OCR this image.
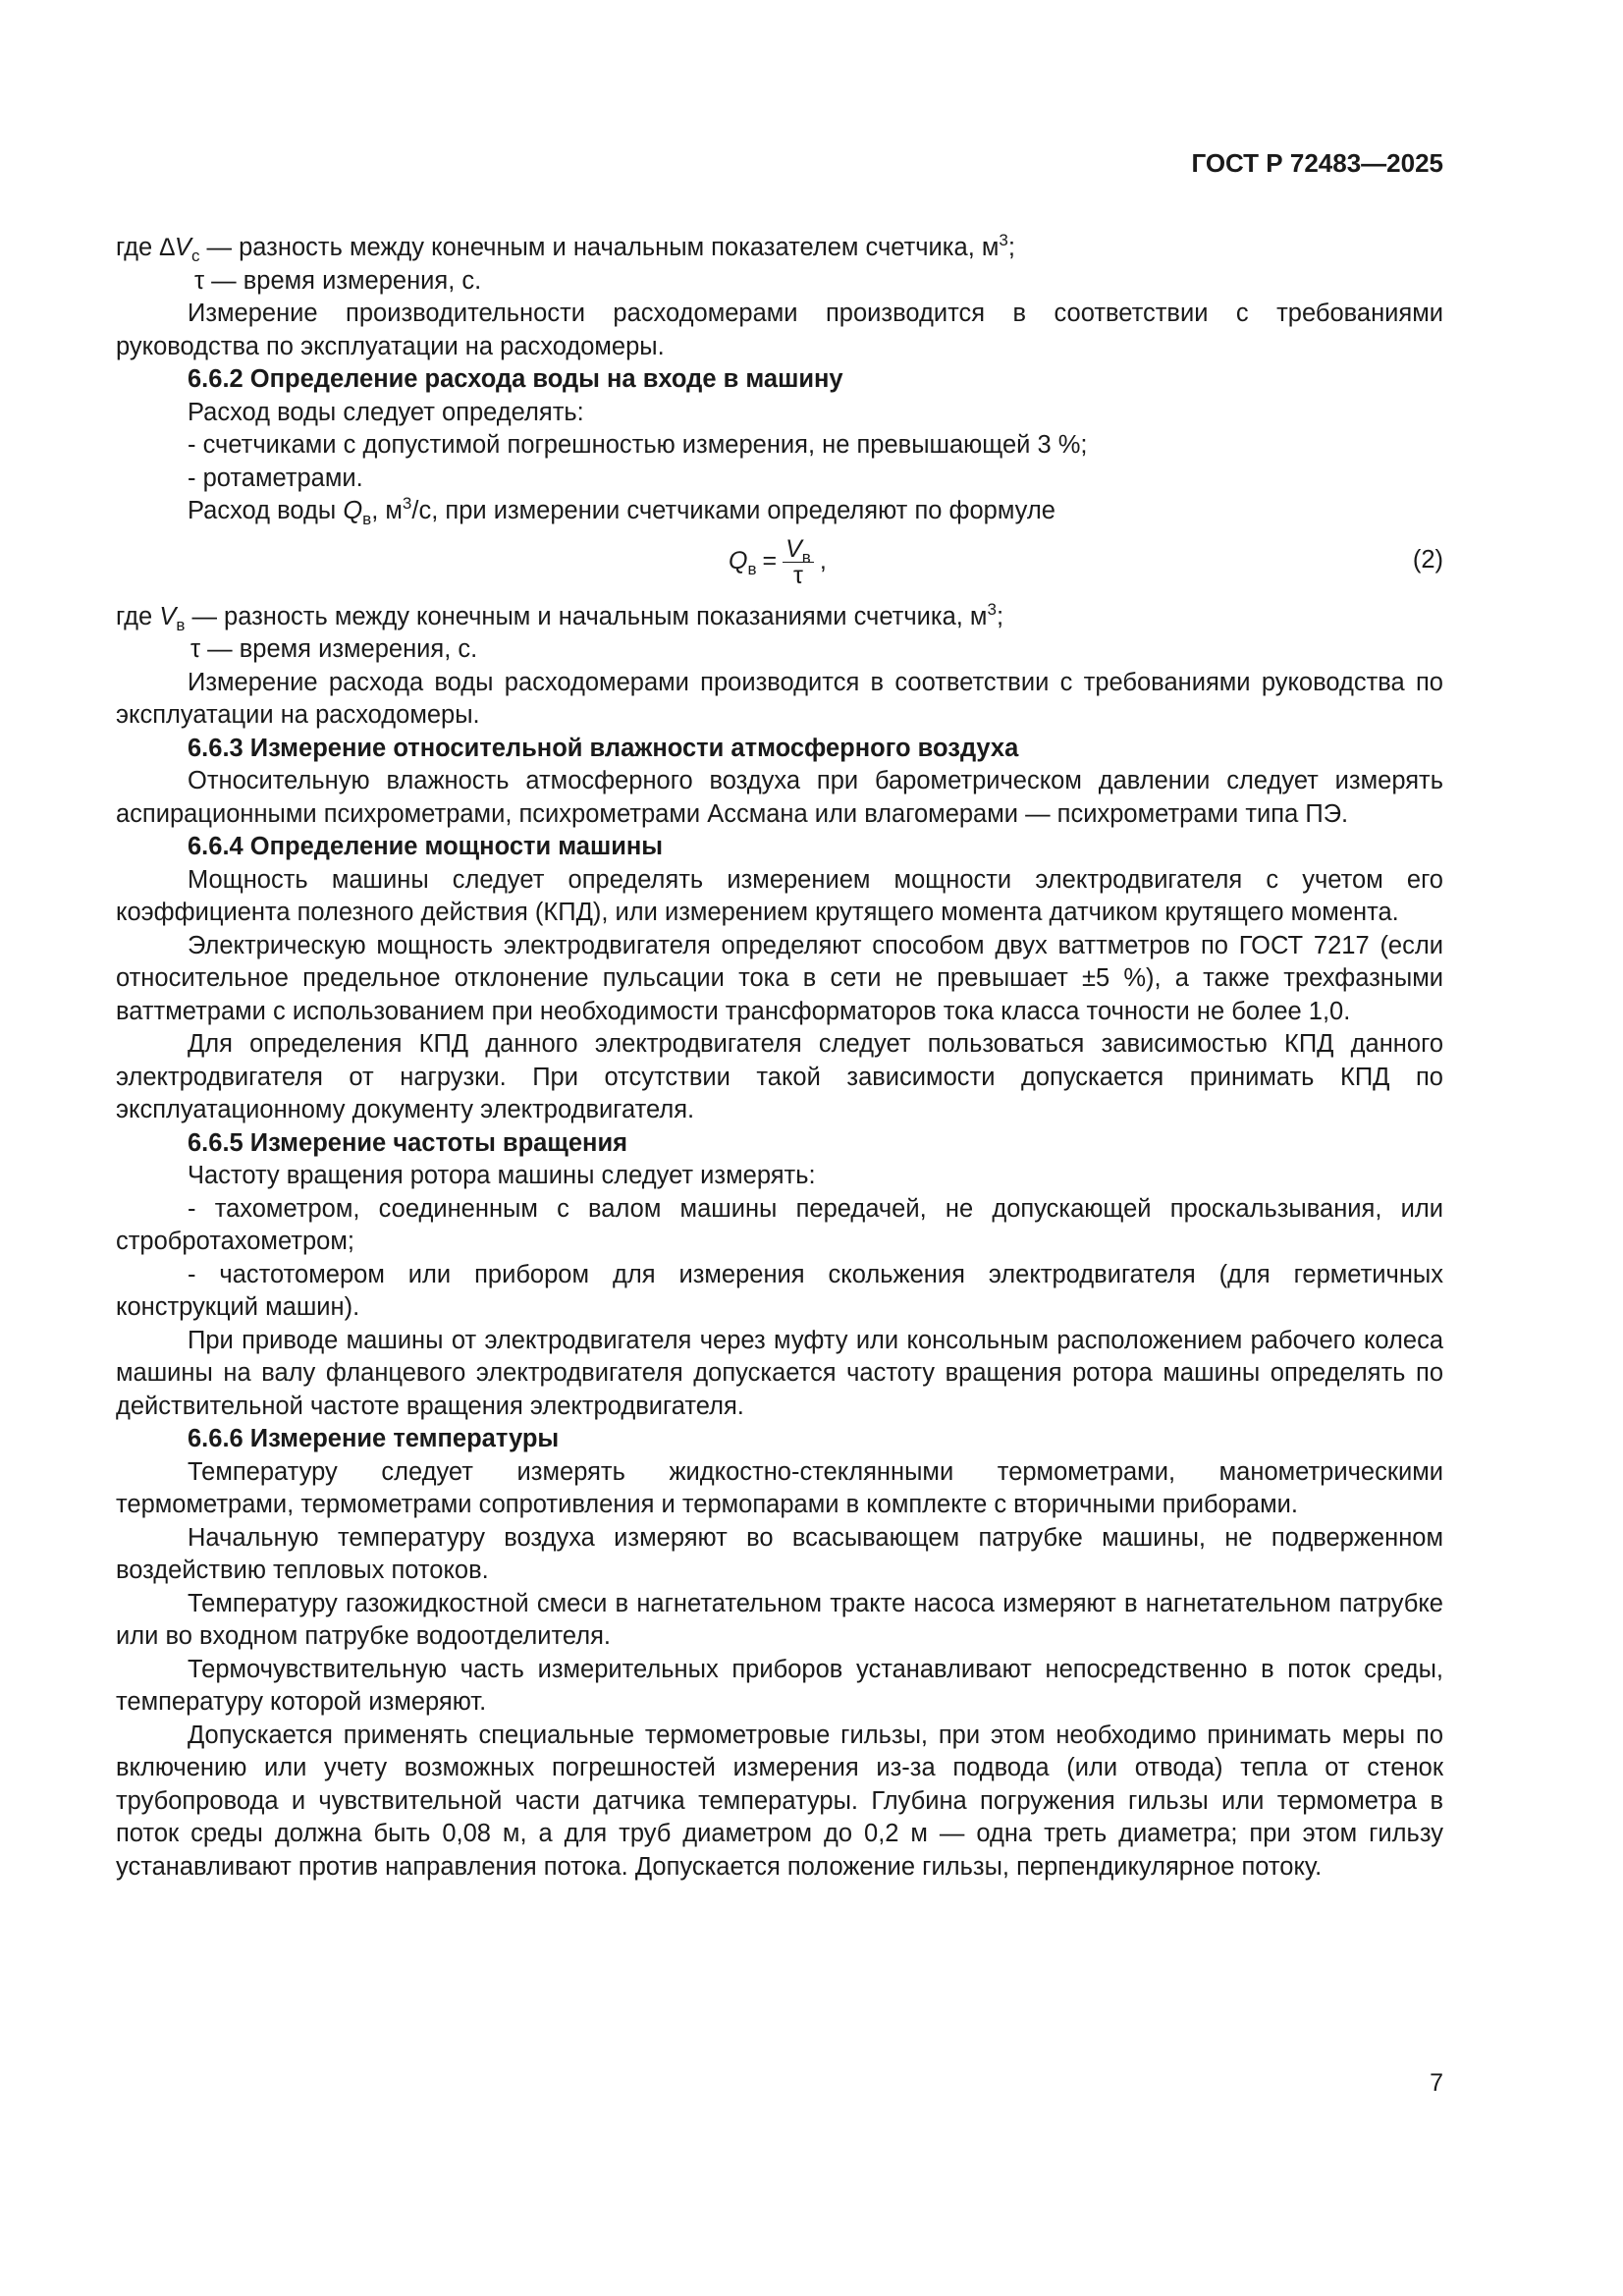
ГОСТ Р 72483—2025

где $\Delta V_с$ — разность между конечным и начальным показателем счетчика, $м^3$;

τ — время измерения, с.

Измерение производительности расходомерами производится в соответствии с требованиями руководства по эксплуатации на расходомеры.

6.6.2 Определение расхода воды на входе в машину

Расход воды следует определять:

- счетчиками с допустимой погрешностью измерения, не превышающей 3 %;

- ротаметрами.

Расход воды $Q_в$, $м^3/с$, при измерении счетчиками определяют по формуле

$Q_в = \frac{V_в}{\tau}$ ,	(2)

где $V_в$ — разность между конечным и начальным показаниями счетчика, $м^3$;

τ — время измерения, с.

Измерение расхода воды расходомерами производится в соответствии с требованиями руководства по эксплуатации на расходомеры.

6.6.3 Измерение относительной влажности атмосферного воздуха

Относительную влажность атмосферного воздуха при барометрическом давлении следует измерять аспирационными психрометрами, психрометрами Ассмана или влагомерами — психрометрами типа ПЭ.

6.6.4 Определение мощности машины

Мощность машины следует определять измерением мощности электродвигателя с учетом его коэффициента полезного действия (КПД), или измерением крутящего момента датчиком крутящего момента.

Электрическую мощность электродвигателя определяют способом двух ваттметров по ГОСТ 7217 (если относительное предельное отклонение пульсации тока в сети не превышает ±5 %), а также трехфазными ваттметрами с использованием при необходимости трансформаторов тока класса точности не более 1,0.

Для определения КПД данного электродвигателя следует пользоваться зависимостью КПД данного электродвигателя от нагрузки. При отсутствии такой зависимости допускается принимать КПД по эксплуатационному документу электродвигателя.

6.6.5 Измерение частоты вращения

Частоту вращения ротора машины следует измерять:

- тахометром, соединенным с валом машины передачей, не допускающей проскальзывания, или стробротахометром;

- частотомером или прибором для измерения скольжения электродвигателя (для герметичных конструкций машин).

При приводе машины от электродвигателя через муфту или консольным расположением рабочего колеса машины на валу фланцевого электродвигателя допускается частоту вращения ротора машины определять по действительной частоте вращения электродвигателя.

6.6.6 Измерение температуры

Температуру следует измерять жидкостно-стеклянными термометрами, манометрическими термометрами, термометрами сопротивления и термопарами в комплекте с вторичными приборами.

Начальную температуру воздуха измеряют во всасывающем патрубке машины, не подверженном воздействию тепловых потоков.

Температуру газожидкостной смеси в нагнетательном тракте насоса измеряют в нагнетательном патрубке или во входном патрубке водоотделителя.

Термочувствительную часть измерительных приборов устанавливают непосредственно в поток среды, температуру которой измеряют.

Допускается применять специальные термометровые гильзы, при этом необходимо принимать меры по включению или учету возможных погрешностей измерения из-за подвода (или отвода) тепла от стенок трубопровода и чувствительной части датчика температуры. Глубина погружения гильзы или термометра в поток среды должна быть 0,08 м, а для труб диаметром до 0,2 м — одна треть диаметра; при этом гильзу устанавливают против направления потока. Допускается положение гильзы, перпендикулярное потоку.

7
